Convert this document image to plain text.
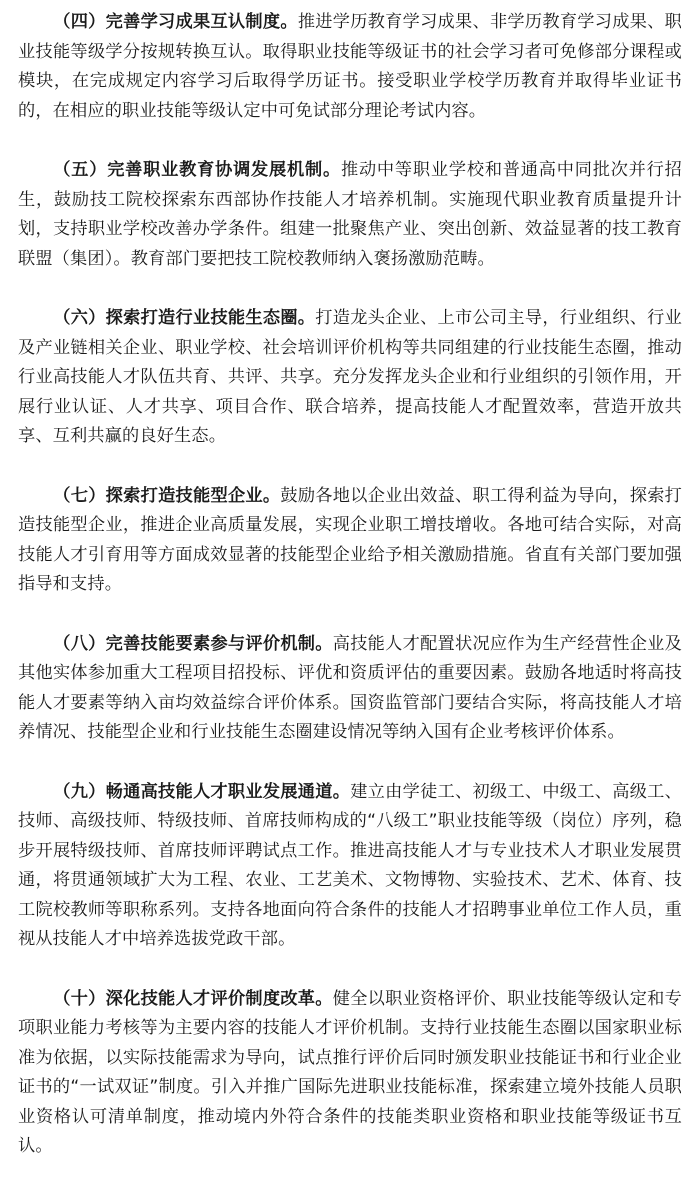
（四）完善学习成果互认制度。推进学历教育学习成果、非学历教育学习成果、职业技能等级学分按规转换互认。取得职业技能等级证书的社会学习者可免修部分课程或模块，在完成规定内容学习后取得学历证书。接受职业学校学历教育并取得毕业证书的，在相应的职业技能等级认定中可免试部分理论考试内容。

（五）完善职业教育协调发展机制。推动中等职业学校和普通高中同批次并行招生，鼓励技工院校探索东西部协作技能人才培养机制。实施现代职业教育质量提升计划，支持职业学校改善办学条件。组建一批聚焦产业、突出创新、效益显著的技工教育联盟（集团）。教育部门要把技工院校教师纳入褒扬激励范畴。

（六）探索打造行业技能生态圈。打造龙头企业、上市公司主导，行业组织、行业及产业链相关企业、职业学校、社会培训评价机构等共同组建的行业技能生态圈，推动行业高技能人才队伍共育、共评、共享。充分发挥龙头企业和行业组织的引领作用，开展行业认证、人才共享、项目合作、联合培养，提高技能人才配置效率，营造开放共享、互利共赢的良好生态。

（七）探索打造技能型企业。鼓励各地以企业出效益、职工得利益为导向，探索打造技能型企业，推进企业高质量发展，实现企业职工增技增收。各地可结合实际，对高技能人才引育用等方面成效显著的技能型企业给予相关激励措施。省直有关部门要加强指导和支持。

（八）完善技能要素参与评价机制。高技能人才配置状况应作为生产经营性企业及其他实体参加重大工程项目招投标、评优和资质评估的重要因素。鼓励各地适时将高技能人才要素等纳入亩均效益综合评价体系。国资监管部门要结合实际，将高技能人才培养情况、技能型企业和行业技能生态圈建设情况等纳入国有企业考核评价体系。

（九）畅通高技能人才职业发展通道。建立由学徒工、初级工、中级工、高级工、技师、高级技师、特级技师、首席技师构成的“八级工”职业技能等级（岗位）序列，稳步开展特级技师、首席技师评聘试点工作。推进高技能人才与专业技术人才职业发展贯通，将贯通领域扩大为工程、农业、工艺美术、文物博物、实验技术、艺术、体育、技工院校教师等职称系列。支持各地面向符合条件的技能人才招聘事业单位工作人员，重视从技能人才中培养选拔党政干部。

（十）深化技能人才评价制度改革。健全以职业资格评价、职业技能等级认定和专项职业能力考核等为主要内容的技能人才评价机制。支持行业技能生态圈以国家职业标准为依据，以实际技能需求为导向，试点推行评价后同时颁发职业技能证书和行业企业证书的“一试双证”制度。引入并推广国际先进职业技能标准，探索建立境外技能人员职业资格认可清单制度，推动境内外符合条件的技能类职业资格和职业技能等级证书互认。
